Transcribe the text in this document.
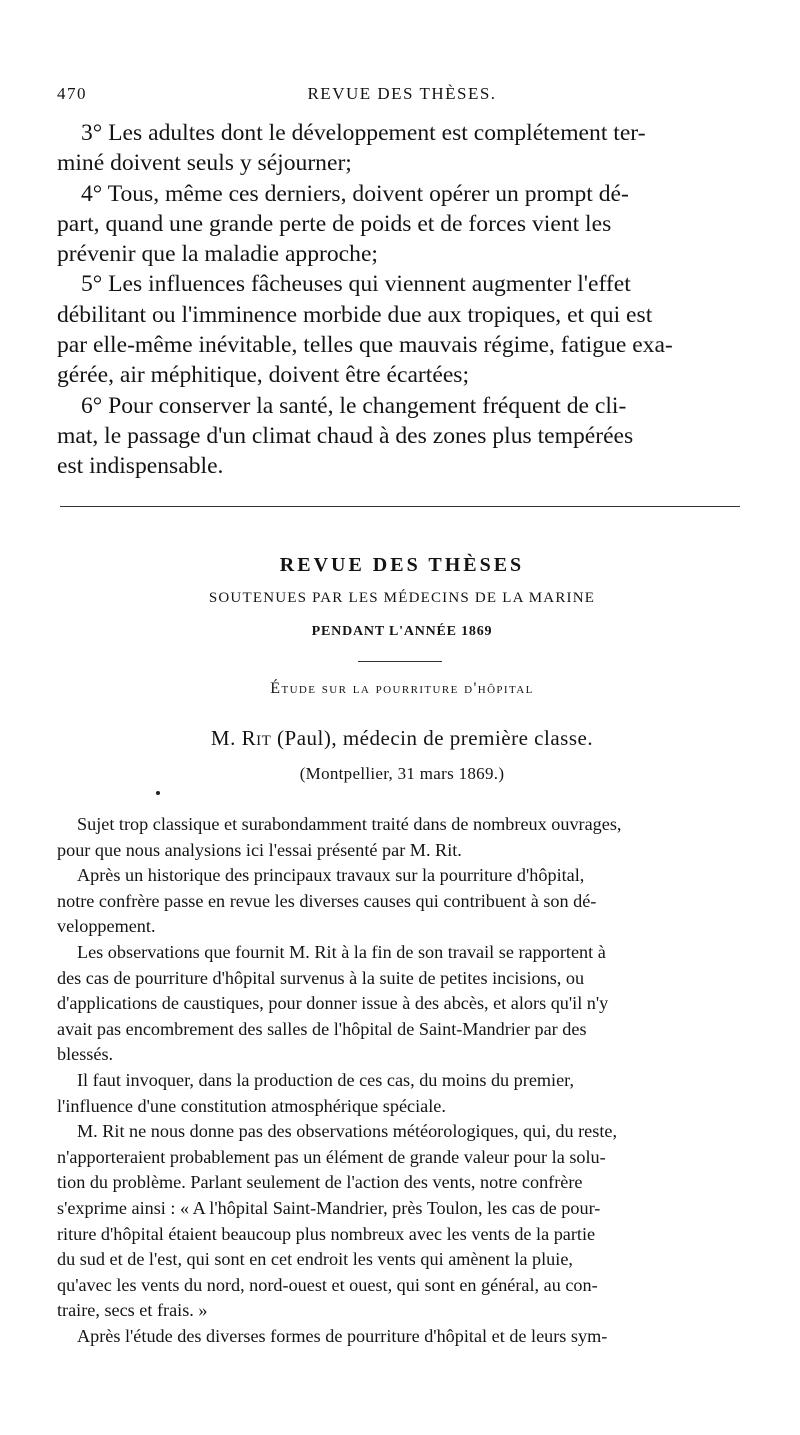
470	REVUE DES THÈSES.

3° Les adultes dont le développement est complétement ter-

miné doivent seuls y séjourner;

4° Tous, même ces derniers, doivent opérer un prompt dé-

part, quand une grande perte de poids et de forces vient les

prévenir que la maladie approche;

5° Les influences fâcheuses qui viennent augmenter l'effet

débilitant ou l'imminence morbide due aux tropiques, et qui est

par elle-même inévitable, telles que mauvais régime, fatigue exa-

gérée, air méphitique, doivent être écartées;

6° Pour conserver la santé, le changement fréquent de cli-

mat, le passage d'un climat chaud à des zones plus tempérées

est indispensable.

REVUE DES THÈSES
SOUTENUES PAR LES MÉDECINS DE LA MARINE
PENDANT L'ANNÉE 1869
Étude sur la pourriture d'hôpital
M. Rit (Paul), médecin de première classe.
(Montpellier, 31 mars 1869.)

Sujet trop classique et surabondamment traité dans de nombreux ouvrages,

pour que nous analysions ici l'essai présenté par M. Rit.

Après un historique des principaux travaux sur la pourriture d'hôpital,

notre confrère passe en revue les diverses causes qui contribuent à son dé-

veloppement.

Les observations que fournit M. Rit à la fin de son travail se rapportent à

des cas de pourriture d'hôpital survenus à la suite de petites incisions, ou

d'applications de caustiques, pour donner issue à des abcès, et alors qu'il n'y

avait pas encombrement des salles de l'hôpital de Saint-Mandrier par des

blessés.

Il faut invoquer, dans la production de ces cas, du moins du premier,

l'influence d'une constitution atmosphérique spéciale.

M. Rit ne nous donne pas des observations météorologiques, qui, du reste,

n'apporteraient probablement pas un élément de grande valeur pour la solu-

tion du problème. Parlant seulement de l'action des vents, notre confrère

s'exprime ainsi : « A l'hôpital Saint-Mandrier, près Toulon, les cas de pour-

riture d'hôpital étaient beaucoup plus nombreux avec les vents de la partie

du sud et de l'est, qui sont en cet endroit les vents qui amènent la pluie,

qu'avec les vents du nord, nord-ouest et ouest, qui sont en général, au con-

traire, secs et frais. »

Après l'étude des diverses formes de pourriture d'hôpital et de leurs sym-
